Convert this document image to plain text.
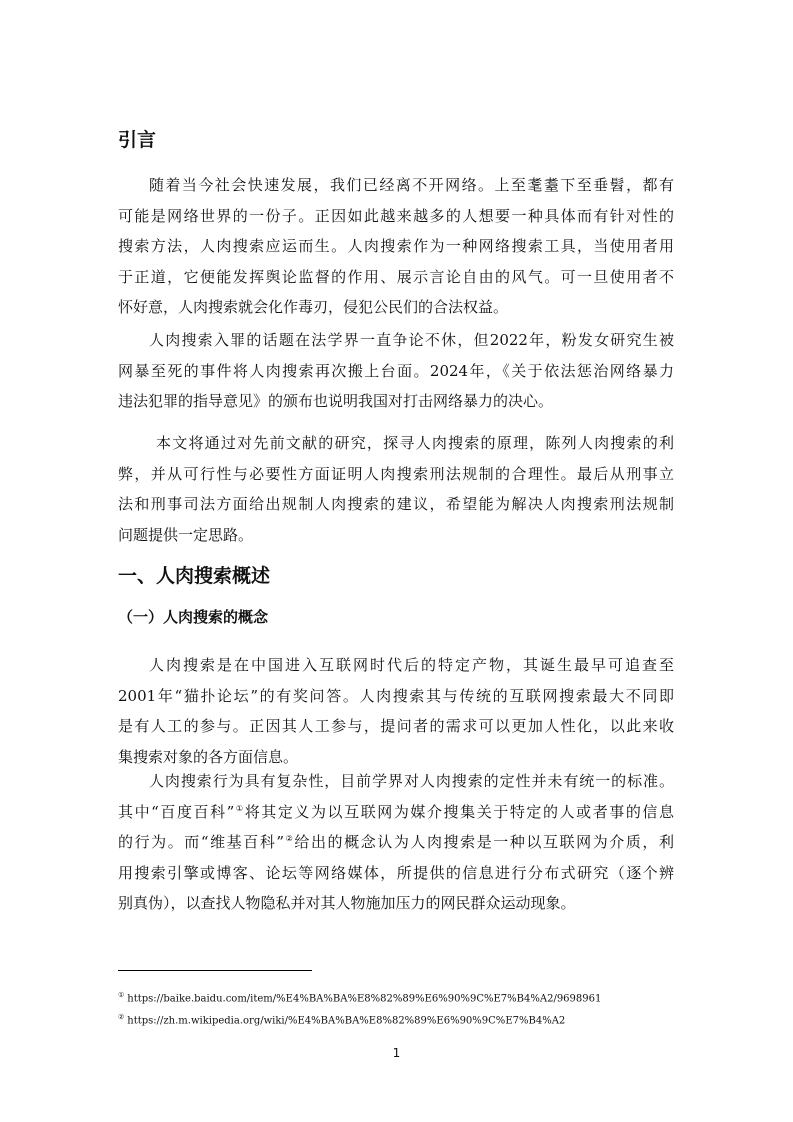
引言
随着当今社会快速发展，我们已经离不开网络。上至耄耋下至垂髫，都有
可能是网络世界的一份子。正因如此越来越多的人想要一种具体而有针对性的
搜索方法，人肉搜索应运而生。人肉搜索作为一种网络搜索工具，当使用者用
于正道，它便能发挥舆论监督的作用、展示言论自由的风气。可一旦使用者不
怀好意，人肉搜索就会化作毒刃，侵犯公民们的合法权益。
人肉搜索入罪的话题在法学界一直争论不休，但2022年，粉发女研究生被
网暴至死的事件将人肉搜索再次搬上台面。2024年，《关于依法惩治网络暴力
违法犯罪的指导意见》的颁布也说明我国对打击网络暴力的决心。
本文将通过对先前文献的研究，探寻人肉搜索的原理，陈列人肉搜索的利
弊，并从可行性与必要性方面证明人肉搜索刑法规制的合理性。最后从刑事立
法和刑事司法方面给出规制人肉搜索的建议，希望能为解决人肉搜索刑法规制
问题提供一定思路。
一、人肉搜索概述
（一）人肉搜索的概念
人肉搜索是在中国进入互联网时代后的特定产物，其诞生最早可追查至
2001年“猫扑论坛”的有奖问答。人肉搜索其与传统的互联网搜索最大不同即
是有人工的参与。正因其人工参与，提问者的需求可以更加人性化，以此来收
集搜索对象的各方面信息。
人肉搜索行为具有复杂性，目前学界对人肉搜索的定性并未有统一的标准。
其中“百度百科”①将其定义为以互联网为媒介搜集关于特定的人或者事的信息
的行为。而“维基百科”②给出的概念认为人肉搜索是一种以互联网为介质，利
用搜索引擎或博客、论坛等网络媒体，所提供的信息进行分布式研究（逐个辨
别真伪），以查找人物隐私并对其人物施加压力的网民群众运动现象。
① https://baike.baidu.com/item/%E4%BA%BA%E8%82%89%E6%90%9C%E7%B4%A2/9698961
② https://zh.m.wikipedia.org/wiki/%E4%BA%BA%E8%82%89%E6%90%9C%E7%B4%A2
1
